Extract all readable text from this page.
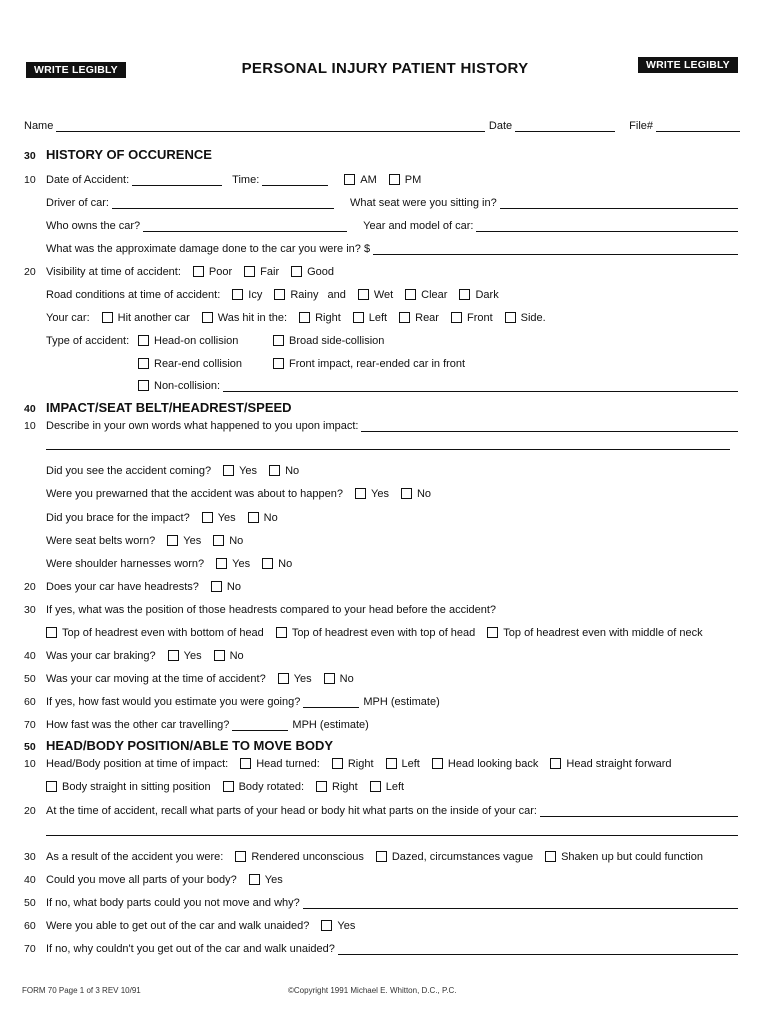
WRITE LEGIBLY	WRITE LEGIBLY
PERSONAL INJURY PATIENT HISTORY
Name	Date	File#
30 HISTORY OF OCCURENCE
10 Date of Accident:	Time:	AM	PM
Driver of car:	What seat were you sitting in?
Who owns the car?	Year and model of car:
What was the approximate damage done to the car you were in? $
20 Visibility at time of accident:	Poor	Fair	Good
Road conditions at time of accident:	Icy	Rainy and	Wet	Clear	Dark
Your car:	Hit another car	Was hit in the:	Right	Left	Rear	Front	Side.
Type of accident: Head-on collision	Broad side-collision
Rear-end collision	Front impact, rear-ended car in front
Non-collision:
40 IMPACT/SEAT BELT/HEADREST/SPEED
10 Describe in your own words what happened to you upon impact:
Did you see the accident coming?	Yes	No
Were you prewarned that the accident was about to happen?	Yes	No
Did you brace for the impact?	Yes	No
Were seat belts worn?	Yes	No
Were shoulder harnesses worn?	Yes	No
20 Does your car have headrests?	No
30 If yes, what was the position of those headrests compared to your head before the accident?
Top of headrest even with bottom of head	Top of headrest even with top of head	Top of headrest even with middle of neck
40 Was your car braking?	Yes	No
50 Was your car moving at the time of accident?	Yes	No
60 If yes, how fast would you estimate you were going?	MPH (estimate)
70 How fast was the other car travelling?	MPH (estimate)
50 HEAD/BODY POSITION/ABLE TO MOVE BODY
10 Head/Body position at time of impact:	Head turned:	Right	Left	Head looking back	Head straight forward
Body straight in sitting position	Body rotated:	Right	Left
20 At the time of accident, recall what parts of your head or body hit what parts on the inside of your car:
30 As a result of the accident you were:	Rendered unconscious	Dazed, circumstances vague	Shaken up but could function
40 Could you move all parts of your body?	Yes
50 If no, what body parts could you not move and why?
60 Were you able to get out of the car and walk unaided?	Yes
70 If no, why couldn't you get out of the car and walk unaided?
FORM 70 Page 1 of 3 REV 10/91	©Copyright 1991 Michael E. Whitton, D.C., P.C.
